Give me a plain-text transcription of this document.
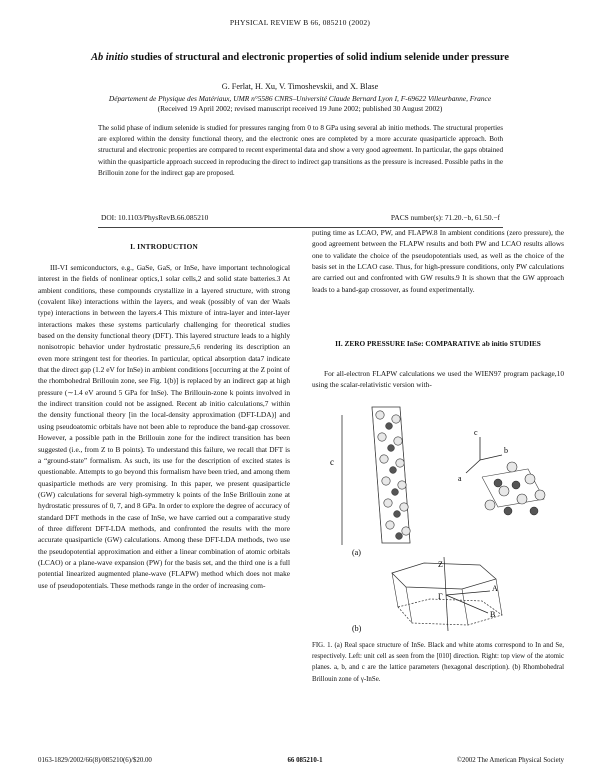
PHYSICAL REVIEW B 66, 085210 (2002)
Ab initio studies of structural and electronic properties of solid indium selenide under pressure
G. Ferlat, H. Xu, V. Timoshevskii, and X. Blase
Département de Physique des Matériaux, UMR n°5586 CNRS–Université Claude Bernard Lyon I, F-69622 Villeurbanne, France
(Received 19 April 2002; revised manuscript received 19 June 2002; published 30 August 2002)
The solid phase of indium selenide is studied for pressures ranging from 0 to 8 GPa using several ab initio methods. The structural properties are explored within the density functional theory, and the electronic ones are completed by a more accurate quasiparticle approach. Both structural and electronic properties are compared to recent experimental data and show a very good agreement. In particular, the gaps obtained within the quasiparticle approach succeed in reproducing the direct to indirect gap transitions as the pressure is increased. Possible paths in the Brillouin zone for the indirect gap are proposed.
DOI: 10.1103/PhysRevB.66.085210	PACS number(s): 71.20.−b, 61.50.−f
I. INTRODUCTION

III-VI semiconductors, e.g., GaSe, GaS, or InSe, have important technological interest in the fields of nonlinear optics,1 solar cells,2 and solid state batteries.3 At ambient conditions, these compounds crystallize in a layered structure, with strong (covalent like) interactions within the layers, and weak (possibly of van der Waals type) interactions in between the layers.4 This mixture of intra-layer and inter-layer interactions makes these systems particularly challenging for theoretical studies based on the density functional theory (DFT). This layered structure leads to a highly nonisotropic behavior under hydrostatic pressure,5,6 rendering its description an even more stringent test for theories. In particular, optical absorption data7 indicate that the direct gap (1.2 eV for InSe) in ambient conditions [occurring at the Z point of the rhombohedral Brillouin zone, see Fig. 1(b)] is replaced by an indirect gap at high pressure (∼1.4 eV around 5 GPa for InSe). The Brillouin-zone k points involved in the indirect transition could not be assigned. Recent ab initio calculations,7 within the density functional theory [in the local-density approximation (DFT-LDA)] and using pseudoatomic orbitals have not been able to reproduce the band-gap crossover. However, a possible path in the Brillouin zone for the indirect transition has been suggested (i.e., from Z to B points). To understand this failure, we recall that DFT is a “ground-state” formalism. As such, its use for the description of excited states is questionable. Attempts to go beyond this formalism have been tried, and among them quasiparticle methods are very promising. In this paper, we present quasiparticle (GW) calculations for several high-symmetry k points of the InSe Brillouin zone at hydrostatic pressures of 0, 7, and 8 GPa. In order to explore the degree of accuracy of standard DFT methods in the case of InSe, we have carried out a comparative study of three different DFT-LDA methods, and confronted the results with the more accurate quasiparticle (GW) calculations. Among these DFT-LDA methods, two use the pseudopotential approximation and either a linear combination of atomic orbitals (LCAO) or a plane-wave expansion (PW) for the basis set, and the third one is a full potential linearized augmented plane-wave (FLAPW) method which does not make use of pseudopotentials. These methods range in the order of increasing com-

puting time as LCAO, PW, and FLAPW.8 In ambient conditions (zero pressure), the good agreement between the FLAPW results and both PW and LCAO results allows one to validate the choice of the pseudopotentials used, as well as the choice of the basis set in the LCAO case. Thus, for high-pressure conditions, only PW calculations are carried out and confronted with GW results.9 It is shown that the GW approach leads to a band-gap crossover, as found experimentally.

II. ZERO PRESSURE InSe: COMPARATIVE ab initio STUDIES

For all-electron FLAPW calculations we used the WIEN97 program package,10 using the scalar-relativistic version with-

c
(a)
c
a
b
Z
Γ
A
B
(b)
FIG. 1. (a) Real space structure of InSe. Black and white atoms correspond to In and Se, respectively. Left: unit cell as seen from the [010] direction. Right: top view of the atomic planes. a, b, and c are the lattice parameters (hexagonal description). (b) Rhombohedral Brillouin zone of γ-InSe.
0163-1829/2002/66(8)/085210(6)/$20.00	66 085210-1	©2002 The American Physical Society
